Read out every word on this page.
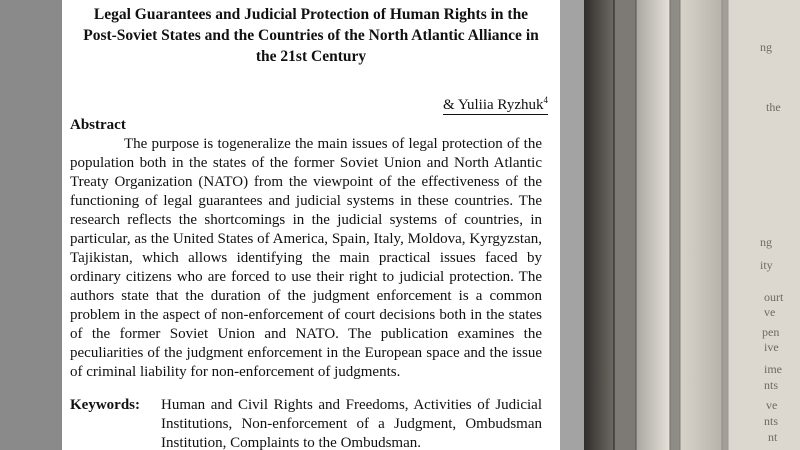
Legal Guarantees and Judicial Protection of Human Rights in the
Post-Soviet States and the Countries of the North Atlantic Alliance in
the 21st Century
& Yuliia Ryzhuk$^4$
Abstract
The purpose is togeneralize the main issues of legal protection of the population both in the states of the former Soviet Union and North Atlantic Treaty Organization (NATO) from the viewpoint of the effectiveness of the functioning of legal guarantees and judicial systems in these countries. The research reflects the shortcomings in the judicial systems of countries, in particular, as the United States of America, Spain, Italy, Moldova, Kyrgyzstan, Tajikistan, which allows identifying the main practical issues faced by ordinary citizens who are forced to use their right to judicial protection. The authors state that the duration of the judgment enforcement is a common problem in the aspect of non-enforcement of court decisions both in the states of the former Soviet Union and NATO. The publication examines the peculiarities of the judgment enforcement in the European space and the issue of criminal liability for non-enforcement of judgments.
Keywords: Human and Civil Rights and Freedoms, Activities of Judicial Institutions, Non-enforcement of a Judgment, Ombudsman Institution, Complaints to the Ombudsman.
ng
ng
ity
ourt
ve
pen
ive
ime
nts
ve
nts
nt
the
